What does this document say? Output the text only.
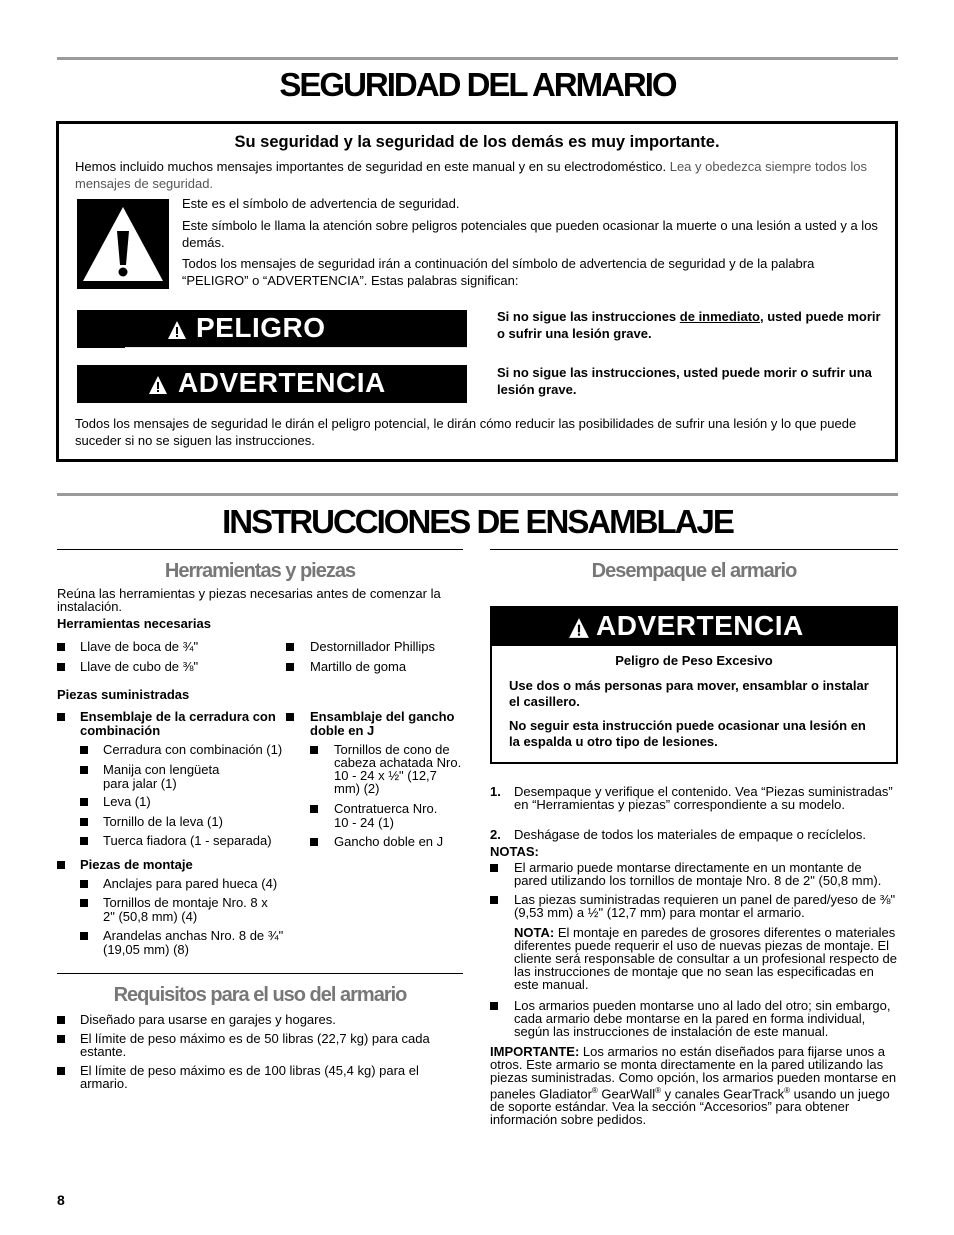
SEGURIDAD DEL ARMARIO
Su seguridad y la seguridad de los demás es muy importante.
Hemos incluido muchos mensajes importantes de seguridad en este manual y en su electrodoméstico. Lea y obedezca siempre todos los mensajes de seguridad.
Este es el símbolo de advertencia de seguridad.
Este símbolo le llama la atención sobre peligros potenciales que pueden ocasionar la muerte o una lesión a usted y a los demás.
Todos los mensajes de seguridad irán a continuación del símbolo de advertencia de seguridad y de la palabra “PELIGRO” o “ADVERTENCIA”. Estas palabras significan:
PELIGRO	Si no sigue las instrucciones de inmediato, usted puede morir o sufrir una lesión grave.
ADVERTENCIA	Si no sigue las instrucciones, usted puede morir o sufrir una lesión grave.
Todos los mensajes de seguridad le dirán el peligro potencial, le dirán cómo reducir las posibilidades de sufrir una lesión y lo que puede suceder si no se siguen las instrucciones.
INSTRUCCIONES DE ENSAMBLAJE
Herramientas y piezas
Reúna las herramientas y piezas necesarias antes de comenzar la instalación.
Herramientas necesarias
Llave de boca de ¾"
Llave de cubo de ⅜"
Destornillador Phillips
Martillo de goma
Piezas suministradas
Ensemblaje de la cerradura con combinación
Cerradura con combinación (1)
Manija con lengüeta para jalar (1)
Leva (1)
Tornillo de la leva (1)
Tuerca fiadora (1 - separada)
Piezas de montaje
Anclajes para pared hueca (4)
Tornillos de montaje Nro. 8 x 2" (50,8 mm) (4)
Arandelas anchas Nro. 8 de ¾" (19,05 mm) (8)
Ensamblaje del gancho doble en J
Tornillos de cono de cabeza achatada Nro. 10 - 24 x ½" (12,7 mm) (2)
Contratuerca Nro. 10 - 24 (1)
Gancho doble en J
Requisitos para el uso del armario
Diseñado para usarse en garajes y hogares.
El límite de peso máximo es de 50 libras (22,7 kg) para cada estante.
El límite de peso máximo es de 100 libras (45,4 kg) para el armario.
Desempaque el armario
ADVERTENCIA
Peligro de Peso Excesivo
Use dos o más personas para mover, ensamblar o instalar el casillero.
No seguir esta instrucción puede ocasionar una lesión en la espalda u otro tipo de lesiones.
1. Desempaque y verifique el contenido. Vea “Piezas suministradas” en “Herramientas y piezas” correspondiente a su modelo.
2. Deshágase de todos los materiales de empaque o recíclelos.
NOTAS:
El armario puede montarse directamente en un montante de pared utilizando los tornillos de montaje Nro. 8 de 2" (50,8 mm).
Las piezas suministradas requieren un panel de pared/yeso de ⅜" (9,53 mm) a ½" (12,7 mm) para montar el armario.
NOTA: El montaje en paredes de grosores diferentes o materiales diferentes puede requerir el uso de nuevas piezas de montaje. El cliente será responsable de consultar a un profesional respecto de las instrucciones de montaje que no sean las especificadas en este manual.
Los armarios pueden montarse uno al lado del otro; sin embargo, cada armario debe montarse en la pared en forma individual, según las instrucciones de instalación de este manual.
IMPORTANTE: Los armarios no están diseñados para fijarse unos a otros. Este armario se monta directamente en la pared utilizando las piezas suministradas. Como opción, los armarios pueden montarse en paneles Gladiator® GearWall® y canales GearTrack® usando un juego de soporte estándar. Vea la sección “Accesorios” para obtener información sobre pedidos.
8
